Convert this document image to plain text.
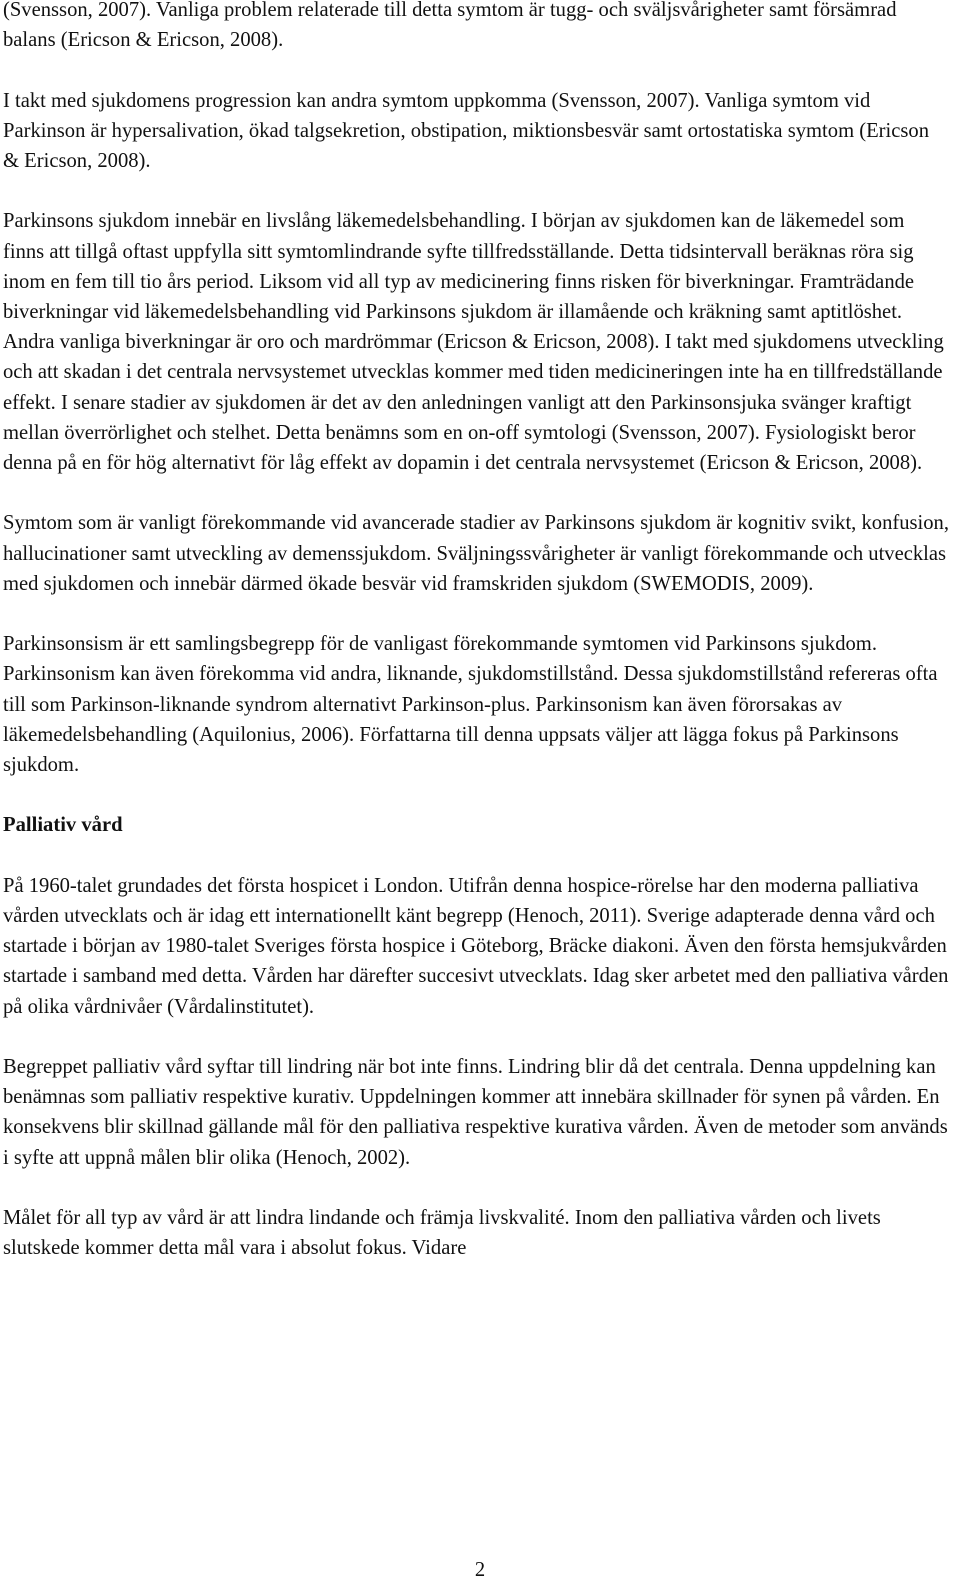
(Svensson, 2007). Vanliga problem relaterade till detta symtom är tugg- och sväljsvårigheter samt försämrad balans (Ericson & Ericson, 2008).

I takt med sjukdomens progression kan andra symtom uppkomma (Svensson, 2007). Vanliga symtom vid Parkinson är hypersalivation, ökad talgsekretion, obstipation, miktionsbesvär samt ortostatiska symtom (Ericson & Ericson, 2008).

Parkinsons sjukdom innebär en livslång läkemedelsbehandling. I början av sjukdomen kan de läkemedel som finns att tillgå oftast uppfylla sitt symtomlindrande syfte tillfredsställande. Detta tidsintervall beräknas röra sig inom en fem till tio års period. Liksom vid all typ av medicinering finns risken för biverkningar. Framträdande biverkningar vid läkemedelsbehandling vid Parkinsons sjukdom är illamående och kräkning samt aptitlöshet. Andra vanliga biverkningar är oro och mardrömmar (Ericson & Ericson, 2008). I takt med sjukdomens utveckling och att skadan i det centrala nervsystemet utvecklas kommer med tiden medicineringen inte ha en tillfredställande effekt. I senare stadier av sjukdomen är det av den anledningen vanligt att den Parkinsonsjuka svänger kraftigt mellan överrörlighet och stelhet. Detta benämns som en on-off symtologi (Svensson, 2007). Fysiologiskt beror denna på en för hög alternativt för låg effekt av dopamin i det centrala nervsystemet (Ericson & Ericson, 2008).

Symtom som är vanligt förekommande vid avancerade stadier av Parkinsons sjukdom är kognitiv svikt, konfusion, hallucinationer samt utveckling av demenssjukdom. Sväljningssvårigheter är vanligt förekommande och utvecklas med sjukdomen och innebär därmed ökade besvär vid framskriden sjukdom (SWEMODIS, 2009).

Parkinsonsism är ett samlingsbegrepp för de vanligast förekommande symtomen vid Parkinsons sjukdom. Parkinsonism kan även förekomma vid andra, liknande, sjukdomstillstånd. Dessa sjukdomstillstånd refereras ofta till som Parkinson-liknande syndrom alternativt Parkinson-plus. Parkinsonism kan även förorsakas av läkemedelsbehandling (Aquilonius, 2006). Författarna till denna uppsats väljer att lägga fokus på Parkinsons sjukdom.

Palliativ vård

På 1960-talet grundades det första hospicet i London. Utifrån denna hospice-rörelse har den moderna palliativa vården utvecklats och är idag ett internationellt känt begrepp (Henoch, 2011). Sverige adapterade denna vård och startade i början av 1980-talet Sveriges första hospice i Göteborg, Bräcke diakoni. Även den första hemsjukvården startade i samband med detta. Vården har därefter succesivt utvecklats. Idag sker arbetet med den palliativa vården på olika vårdnivåer (Vårdalinstitutet).

Begreppet palliativ vård syftar till lindring när bot inte finns. Lindring blir då det centrala. Denna uppdelning kan benämnas som palliativ respektive kurativ. Uppdelningen kommer att innebära skillnader för synen på vården. En konsekvens blir skillnad gällande mål för den palliativa respektive kurativa vården. Även de metoder som används i syfte att uppnå målen blir olika (Henoch, 2002).

Målet för all typ av vård är att lindra lindande och främja livskvalité. Inom den palliativa vården och livets slutskede kommer detta mål vara i absolut fokus. Vidare

2
